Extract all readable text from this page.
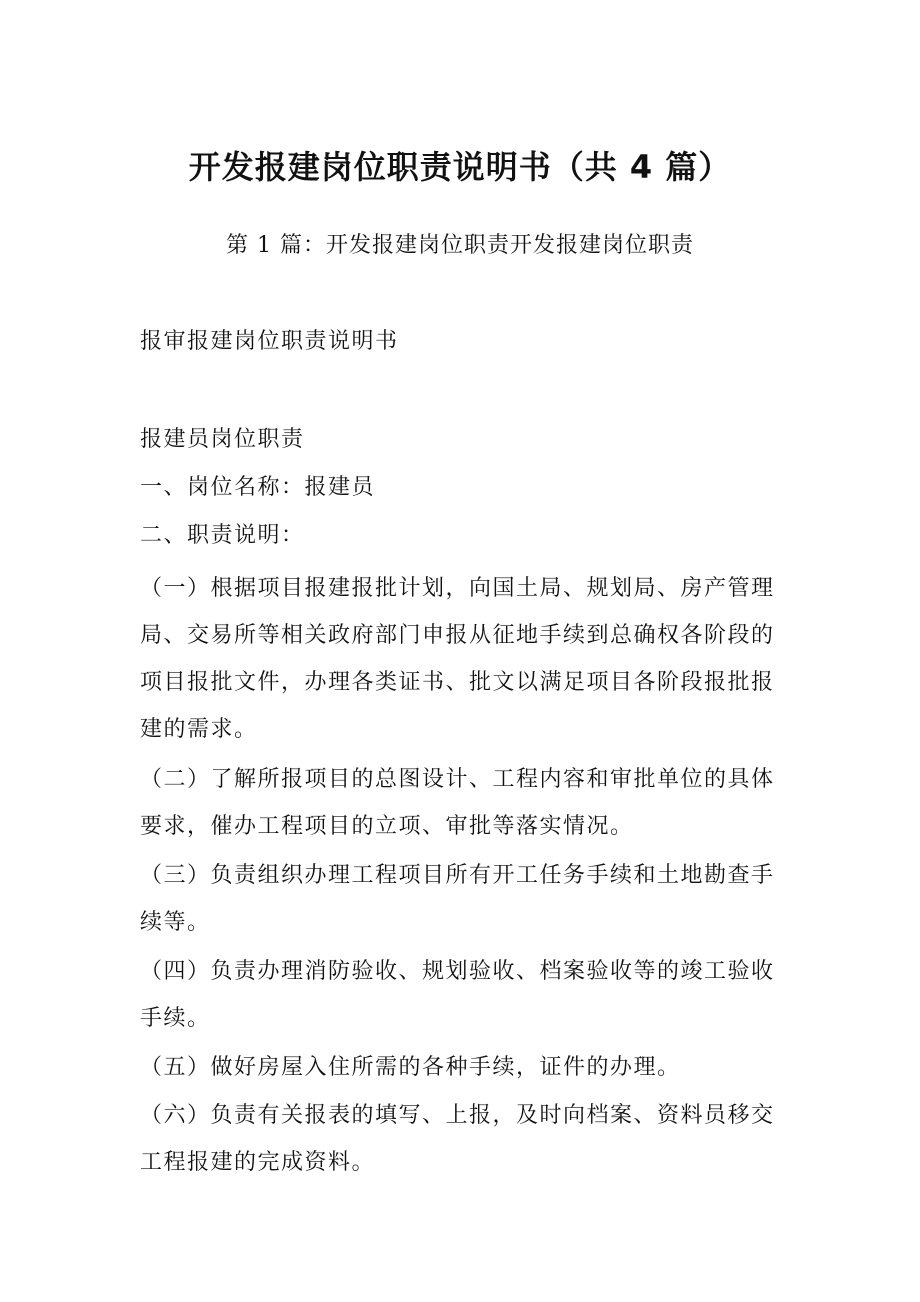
开发报建岗位职责说明书（共 4 篇）

第 1 篇：开发报建岗位职责开发报建岗位职责

报审报建岗位职责说明书

报建员岗位职责

一、岗位名称：报建员

二、职责说明：

（一）根据项目报建报批计划，向国土局、规划局、房产管理局、交易所等相关政府部门申报从征地手续到总确权各阶段的项目报批文件，办理各类证书、批文以满足项目各阶段报批报建的需求。

（二）了解所报项目的总图设计、工程内容和审批单位的具体要求，催办工程项目的立项、审批等落实情况。

（三）负责组织办理工程项目所有开工任务手续和土地勘查手续等。

（四）负责办理消防验收、规划验收、档案验收等的竣工验收手续。

（五）做好房屋入住所需的各种手续，证件的办理。

（六）负责有关报表的填写、上报，及时向档案、资料员移交工程报建的完成资料。
